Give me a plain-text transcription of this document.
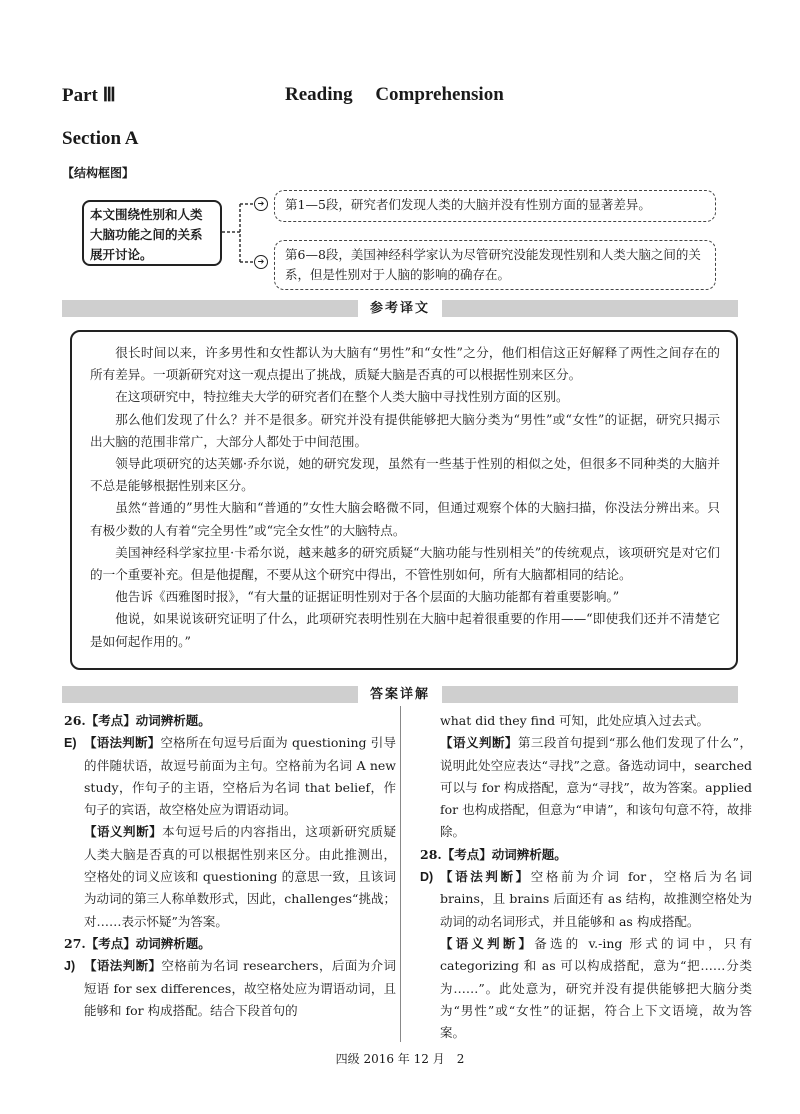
Part Ⅲ	Reading Comprehension
Section A
【结构框图】
本文围绕性别和人类大脑功能之间的关系展开讨论。
➔
➔
第1—5段，研究者们发现人类的大脑并没有性别方面的显著差异。
第6—8段，美国神经科学家认为尽管研究没能发现性别和人类大脑之间的关系，但是性别对于人脑的影响的确存在。
参考译文

很长时间以来，许多男性和女性都认为大脑有“男性”和“女性”之分，他们相信这正好解释了两性之间存在的所有差异。一项新研究对这一观点提出了挑战，质疑大脑是否真的可以根据性别来区分。

在这项研究中，特拉维夫大学的研究者们在整个人类大脑中寻找性别方面的区别。

那么他们发现了什么？并不是很多。研究并没有提供能够把大脑分类为“男性”或“女性”的证据，研究只揭示出大脑的范围非常广，大部分人都处于中间范围。

领导此项研究的达芙娜·乔尔说，她的研究发现，虽然有一些基于性别的相似之处，但很多不同种类的大脑并不总是能够根据性别来区分。

虽然“普通的”男性大脑和“普通的”女性大脑会略微不同，但通过观察个体的大脑扫描，你没法分辨出来。只有极少数的人有着“完全男性”或“完全女性”的大脑特点。

美国神经科学家拉里·卡希尔说，越来越多的研究质疑“大脑功能与性别相关”的传统观点，该项研究是对它们的一个重要补充。但是他提醒，不要从这个研究中得出，不管性别如何，所有大脑都相同的结论。

他告诉《西雅图时报》，“有大量的证据证明性别对于各个层面的大脑功能都有着重要影响。”

他说，如果说该研究证明了什么，此项研究表明性别在大脑中起着很重要的作用——“即使我们还并不清楚它是如何起作用的。”

答案详解
26.【考点】动词辨析题。
E) 【语法判断】空格所在句逗号后面为 questioning 引导的伴随状语，故逗号前面为主句。空格前为名词 A new study，作句子的主语，空格后为名词 that belief，作句子的宾语，故空格处应为谓语动词。
【语义判断】本句逗号后的内容指出，这项新研究质疑人类大脑是否真的可以根据性别来区分。由此推测出，空格处的词义应该和 questioning 的意思一致，且该词为动词的第三人称单数形式，因此，challenges“挑战；对……表示怀疑”为答案。
27.【考点】动词辨析题。
J) 【语法判断】空格前为名词 researchers，后面为介词短语 for sex differences，故空格处应为谓语动词，且能够和 for 构成搭配。结合下段首句的
what did they find 可知，此处应填入过去式。
【语义判断】第三段首句提到“那么他们发现了什么”，说明此处空应表达“寻找”之意。备选动词中，searched 可以与 for 构成搭配，意为“寻找”，故为答案。applied for 也构成搭配，但意为“申请”，和该句句意不符，故排除。
28.【考点】动词辨析题。
D) 【语法判断】空格前为介词 for，空格后为名词 brains，且 brains 后面还有 as 结构，故推测空格处为动词的动名词形式，并且能够和 as 构成搭配。
【语义判断】备选的 v.-ing 形式的词中，只有 categorizing 和 as 可以构成搭配，意为“把……分类为……”。此处意为，研究并没有提供能够把大脑分类为“男性”或“女性”的证据，符合上下文语境，故为答案。
四级 2016 年 12 月　2
